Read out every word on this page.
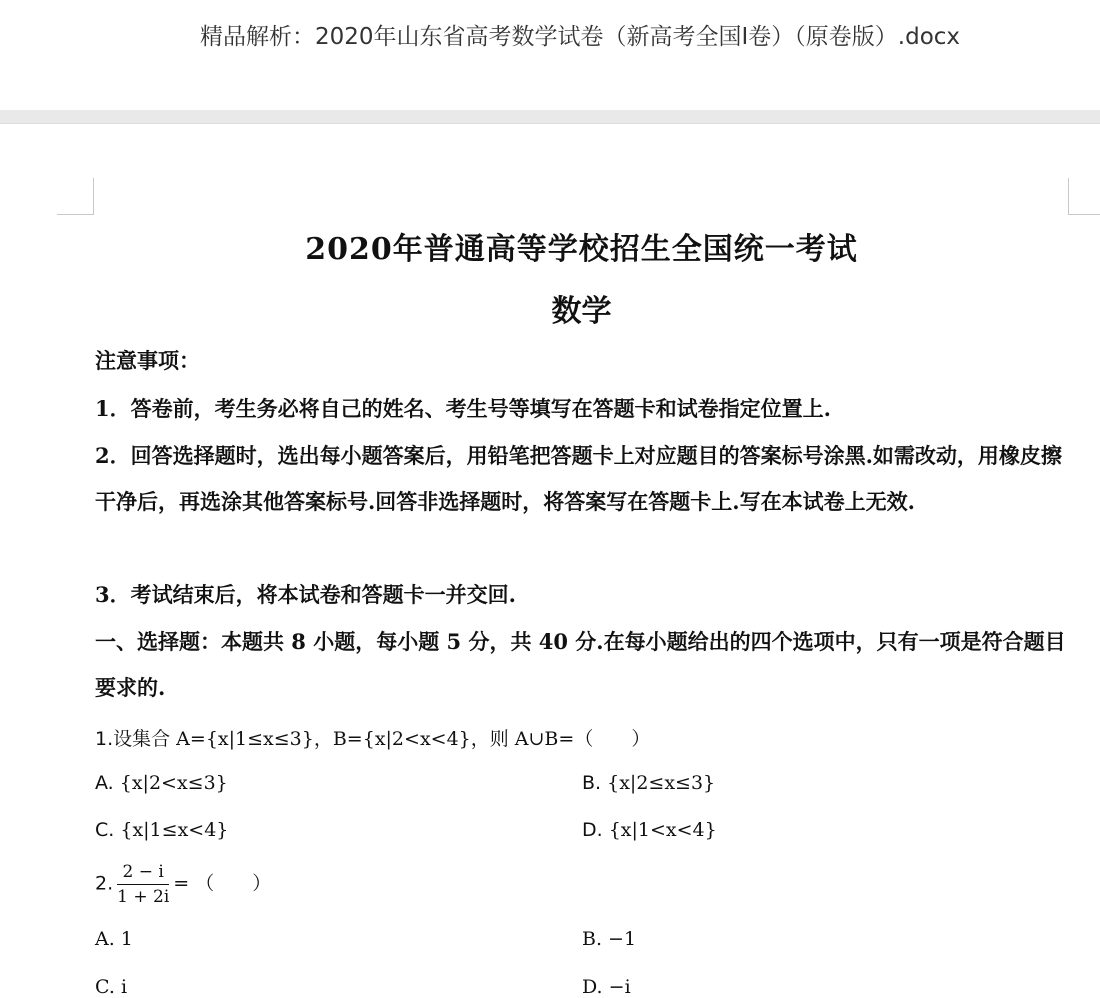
精品解析：2020年山东省高考数学试卷（新高考全国Ⅰ卷）（原卷版）.docx
2020年普通高等学校招生全国统一考试
数学
注意事项：
1．答卷前，考生务必将自己的姓名、考生号等填写在答题卡和试卷指定位置上.
2．回答选择题时，选出每小题答案后，用铅笔把答题卡上对应题目的答案标号涂黑.如需改动，用橡皮擦干净后，再选涂其他答案标号.回答非选择题时，将答案写在答题卡上.写在本试卷上无效.
3．考试结束后，将本试卷和答题卡一并交回.
一、选择题：本题共 8 小题，每小题 5 分，共 40 分.在每小题给出的四个选项中，只有一项是符合题目要求的.
1.设集合 A={x|1≤x≤3}，B={x|2<x<4}，则 A∪B=（　　）
A. {x|2<x≤3}	B. {x|2≤x≤3}
C. {x|1≤x<4}	D. {x|1<x<4}
2. $\frac{2 - i}{1 + 2i}$ = （　　）
A. 1	B. −1
C. i	D. −i
